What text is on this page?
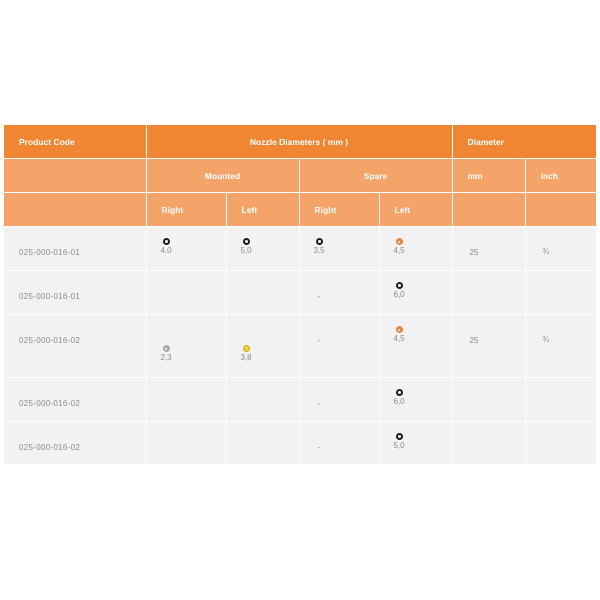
Product Code	Nozzle Diameters ( mm )				Diameter	
	Mounted		Spare		mm	inch
	Right	Left	Right	Left		

025-000-016-01	4,0	5,0	3,5	4,5	25	¾

025-000-016-01			-	6,0		

025-000-016-02	2,3	3,8	-	4,5	25	¾

025-000-016-02			-	6,0		

025-000-016-02			-	5,0		
